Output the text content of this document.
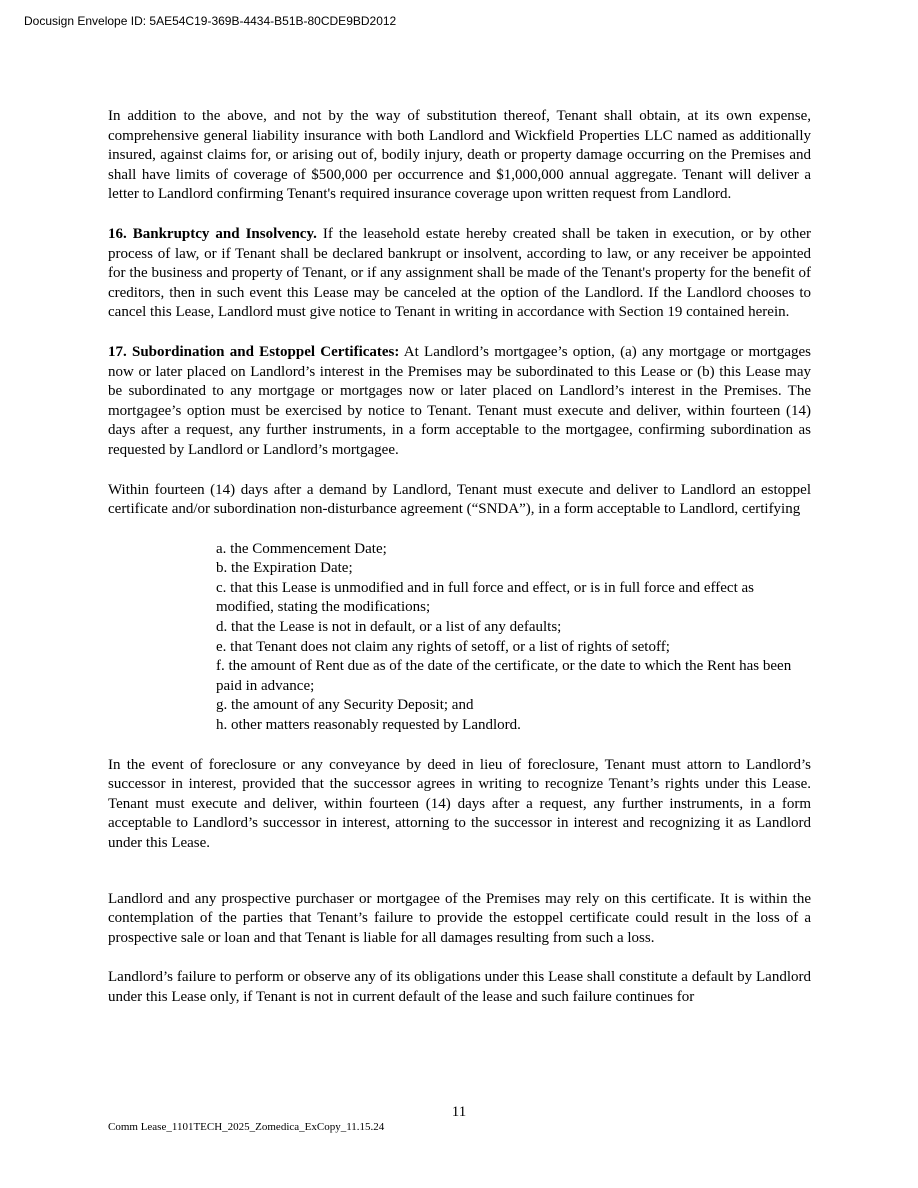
Docusign Envelope ID: 5AE54C19-369B-4434-B51B-80CDE9BD2012

In addition to the above, and not by the way of substitution thereof, Tenant shall obtain, at its own expense, comprehensive general liability insurance with both Landlord and Wickfield Properties LLC named as additionally insured, against claims for, or arising out of, bodily injury, death or property damage occurring on the Premises and shall have limits of coverage of $500,000 per occurrence and $1,000,000 annual aggregate. Tenant will deliver a letter to Landlord confirming Tenant's required insurance coverage upon written request from Landlord.

16. Bankruptcy and Insolvency. If the leasehold estate hereby created shall be taken in execution, or by other process of law, or if Tenant shall be declared bankrupt or insolvent, according to law, or any receiver be appointed for the business and property of Tenant, or if any assignment shall be made of the Tenant's property for the benefit of creditors, then in such event this Lease may be canceled at the option of the Landlord. If the Landlord chooses to cancel this Lease, Landlord must give notice to Tenant in writing in accordance with Section 19 contained herein.

17. Subordination and Estoppel Certificates: At Landlord’s mortgagee’s option, (a) any mortgage or mortgages now or later placed on Landlord’s interest in the Premises may be subordinated to this Lease or (b) this Lease may be subordinated to any mortgage or mortgages now or later placed on Landlord’s interest in the Premises. The mortgagee’s option must be exercised by notice to Tenant. Tenant must execute and deliver, within fourteen (14) days after a request, any further instruments, in a form acceptable to the mortgagee, confirming subordination as requested by Landlord or Landlord’s mortgagee.

Within fourteen (14) days after a demand by Landlord, Tenant must execute and deliver to Landlord an estoppel certificate and/or subordination non-disturbance agreement (“SNDA”), in a form acceptable to Landlord, certifying

a. the Commencement Date;
b. the Expiration Date;
c. that this Lease is unmodified and in full force and effect, or is in full force and effect as modified, stating the modifications;
d. that the Lease is not in default, or a list of any defaults;
e. that Tenant does not claim any rights of setoff, or a list of rights of setoff;
f. the amount of Rent due as of the date of the certificate, or the date to which the Rent has been paid in advance;
g. the amount of any Security Deposit; and
h. other matters reasonably requested by Landlord.

In the event of foreclosure or any conveyance by deed in lieu of foreclosure, Tenant must attorn to Landlord’s successor in interest, provided that the successor agrees in writing to recognize Tenant’s rights under this Lease. Tenant must execute and deliver, within fourteen (14) days after a request, any further instruments, in a form acceptable to Landlord’s successor in interest, attorning to the successor in interest and recognizing it as Landlord under this Lease.

Landlord and any prospective purchaser or mortgagee of the Premises may rely on this certificate. It is within the contemplation of the parties that Tenant’s failure to provide the estoppel certificate could result in the loss of a prospective sale or loan and that Tenant is liable for all damages resulting from such a loss.

Landlord’s failure to perform or observe any of its obligations under this Lease shall constitute a default by Landlord under this Lease only, if Tenant is not in current default of the lease and such failure continues for

11
Comm Lease_1101TECH_2025_Zomedica_ExCopy_11.15.24
